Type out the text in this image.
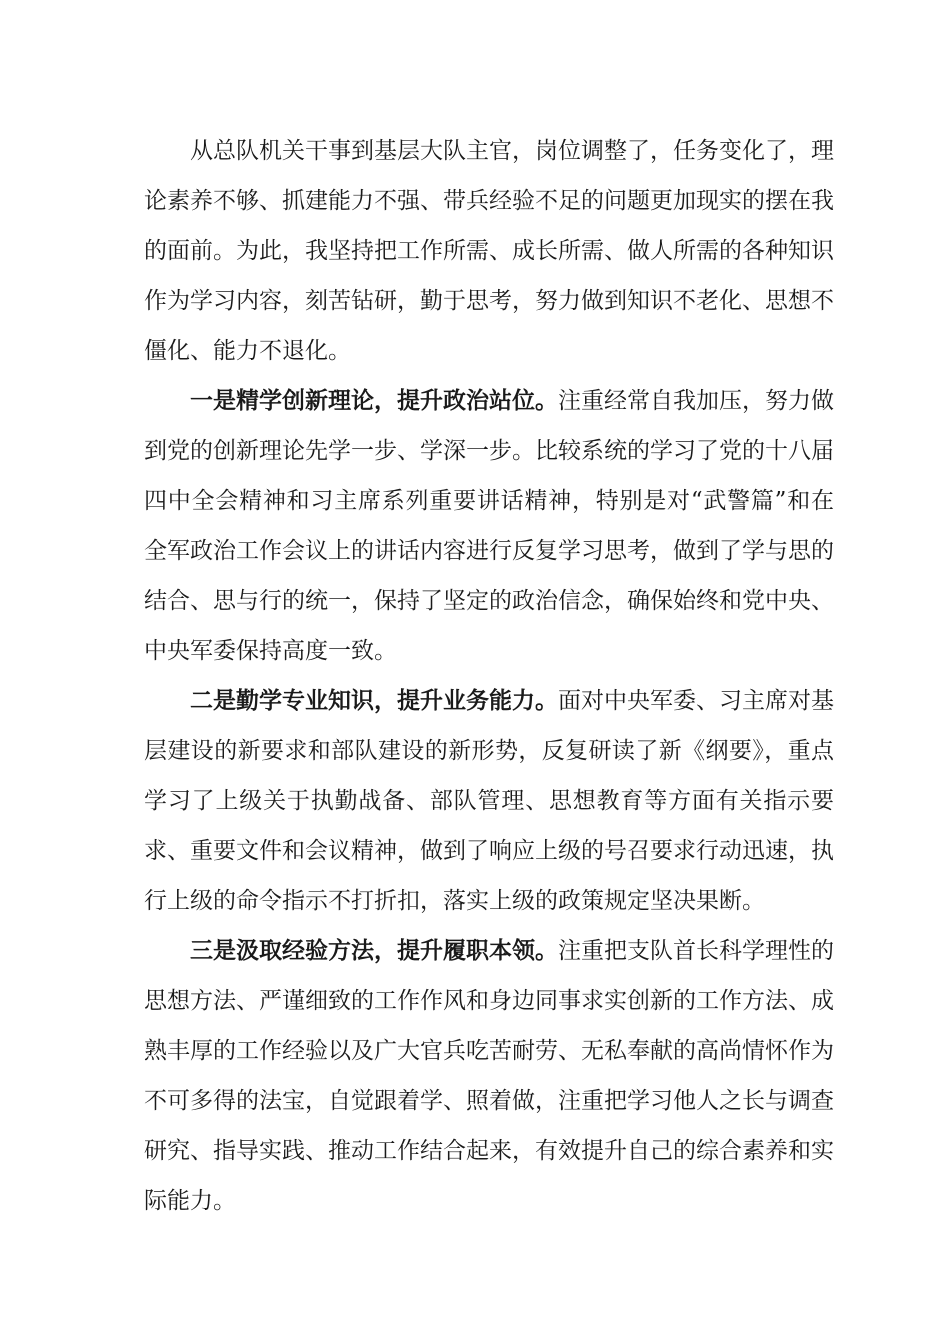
从总队机关干事到基层大队主官，岗位调整了，任务变化了，理论素养不够、抓建能力不强、带兵经验不足的问题更加现实的摆在我的面前。为此，我坚持把工作所需、成长所需、做人所需的各种知识作为学习内容，刻苦钻研，勤于思考，努力做到知识不老化、思想不僵化、能力不退化。

一是精学创新理论，提升政治站位。注重经常自我加压，努力做到党的创新理论先学一步、学深一步。比较系统的学习了党的十八届四中全会精神和习主席系列重要讲话精神，特别是对“武警篇”和在全军政治工作会议上的讲话内容进行反复学习思考，做到了学与思的结合、思与行的统一，保持了坚定的政治信念，确保始终和党中央、中央军委保持高度一致。

二是勤学专业知识，提升业务能力。面对中央军委、习主席对基层建设的新要求和部队建设的新形势，反复研读了新《纲要》，重点学习了上级关于执勤战备、部队管理、思想教育等方面有关指示要求、重要文件和会议精神，做到了响应上级的号召要求行动迅速，执行上级的命令指示不打折扣，落实上级的政策规定坚决果断。

三是汲取经验方法，提升履职本领。注重把支队首长科学理性的思想方法、严谨细致的工作作风和身边同事求实创新的工作方法、成熟丰厚的工作经验以及广大官兵吃苦耐劳、无私奉献的高尚情怀作为不可多得的法宝，自觉跟着学、照着做，注重把学习他人之长与调查研究、指导实践、推动工作结合起来，有效提升自己的综合素养和实际能力。
